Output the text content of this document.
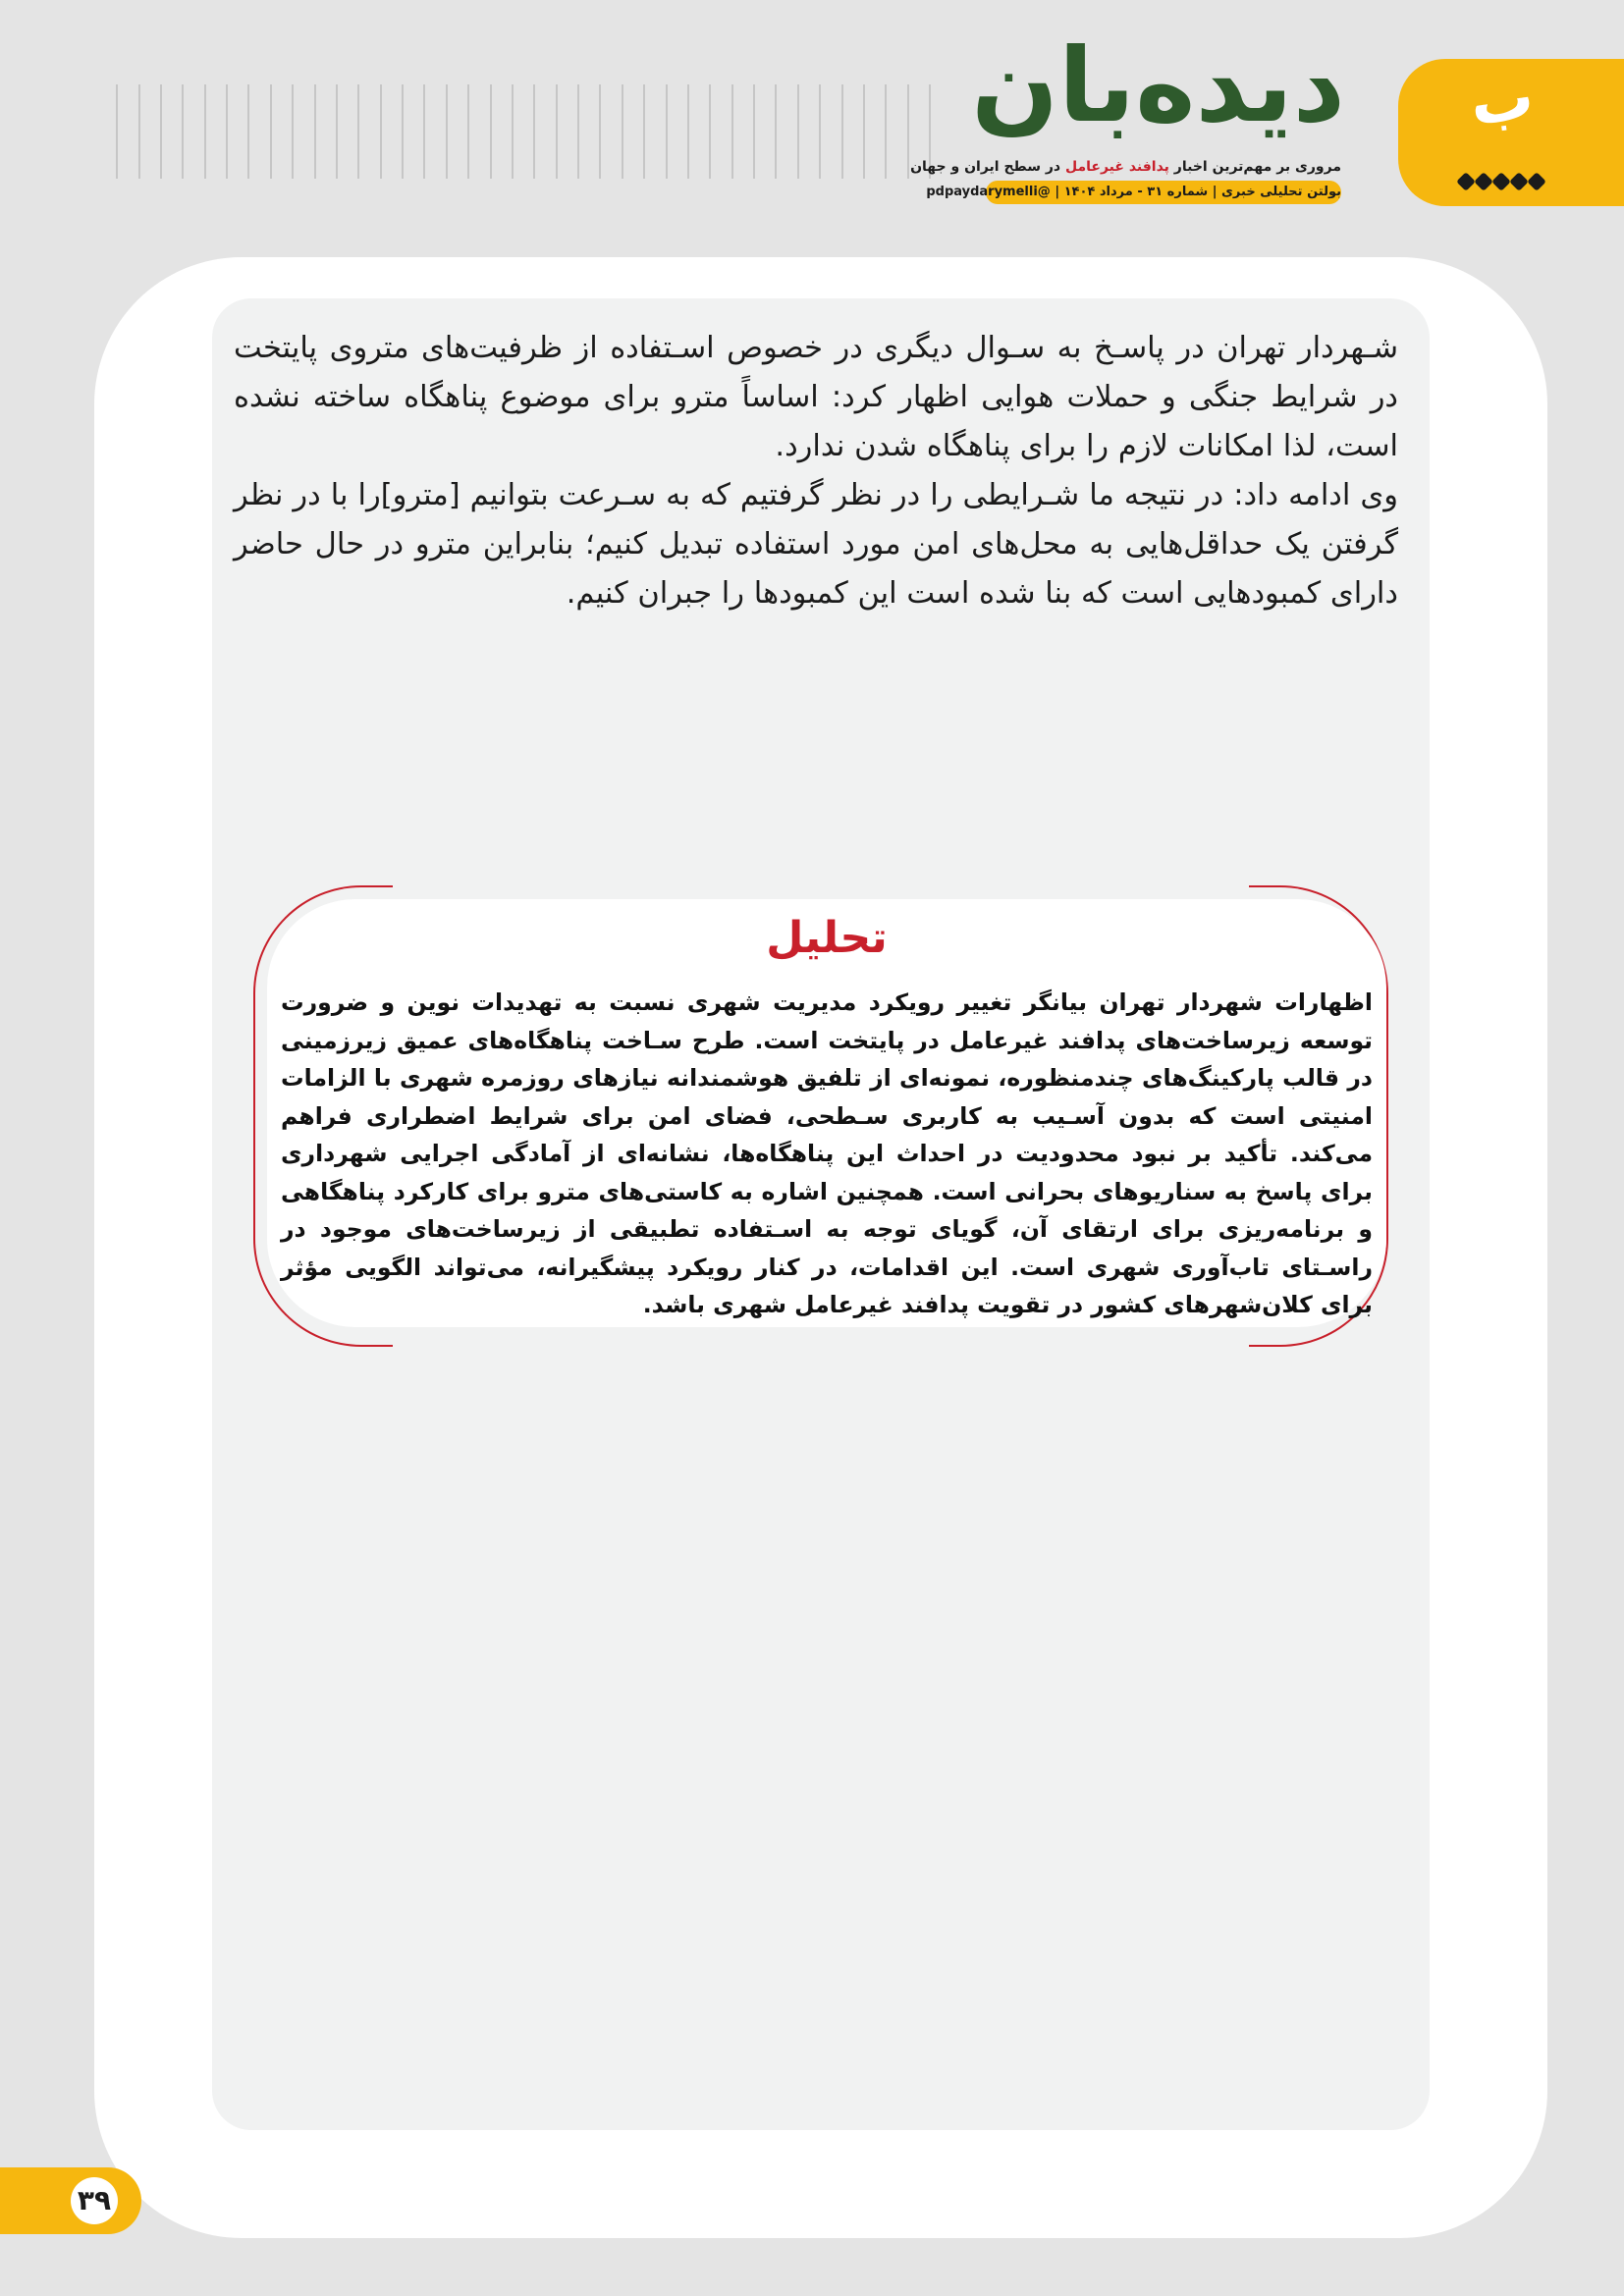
ب
دیده‌بان
مروری بر مهم‌ترین اخبار پدافند غیرعامل در سطح ایران و جهان
بولتن تحلیلی خبری | شماره ۳۱ - مرداد ۱۴۰۴ | @pdpaydarymelli

شـهردار تهران در پاسـخ به سـوال دیگری در خصوص اسـتفاده از ظرفیت‌های متروی پایتخت در شرایط جنگی و حملات هوایی اظهار کرد: اساساً مترو برای موضوع پناهگاه ساخته نشده است، لذا امکانات لازم را برای پناهگاه شدن ندارد.

وی ادامه داد: در نتیجه ما شـرایطی را در نظر گرفتیم که به سـرعت بتوانیم [مترو]را با در نظر گرفتن یک حداقل‌هایی به محل‌های امن مورد استفاده تبدیل کنیم؛ بنابراین مترو در حال حاضر دارای کمبودهایی است که بنا شده است این کمبودها را جبران کنیم.

تحلیل

اظهارات شهردار تهران بیانگر تغییر رویکرد مدیریت شهری نسبت به تهدیدات نوین و ضرورت توسعه زیرساخت‌های پدافند غیرعامل در پایتخت است. طرح سـاخت پناهگاه‌های عمیق زیرزمینی در قالب پارکینگ‌های چندمنظوره، نمونه‌ای از تلفیق هوشمندانه نیازهای روزمره شهری با الزامات امنیتی است که بدون آسـیب به کاربری سـطحی، فضای امن برای شرایط اضطراری فراهم می‌کند. تأکید بر نبود محدودیت در احداث این پناهگاه‌ها، نشانه‌ای از آمادگی اجرایی شهرداری برای پاسخ به سناریوهای بحرانی است. همچنین اشاره به کاستی‌های مترو برای کارکرد پناهگاهی و برنامه‌ریزی برای ارتقای آن، گویای توجه به اسـتفاده تطبیقی از زیرساخت‌های موجود در راسـتای تاب‌آوری شهری است. این اقدامات، در کنار رویکرد پیشگیرانه، می‌تواند الگویی مؤثر برای کلان‌شهرهای کشور در تقویت پدافند غیرعامل شهری باشد.

۳۹
